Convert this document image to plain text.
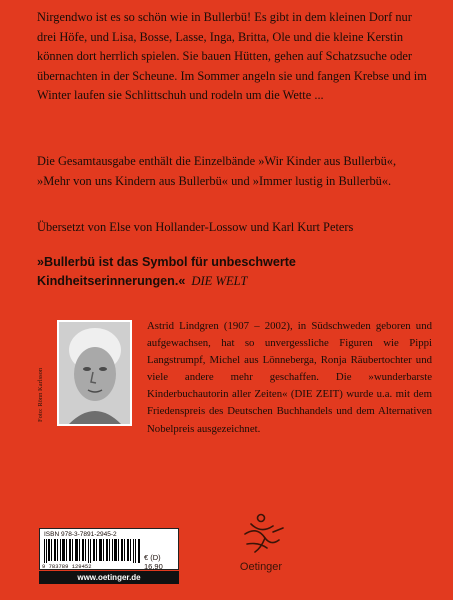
Nirgendwo ist es so schön wie in Bullerbü! Es gibt in dem kleinen Dorf nur drei Höfe, und Lisa, Bosse, Lasse, Inga, Britta, Ole und die kleine Kerstin können dort herrlich spielen. Sie bauen Hütten, gehen auf Schatzsuche oder übernachten in der Scheune. Im Sommer angeln sie und fangen Krebse und im Winter laufen sie Schlittschuh und rodeln um die Wette ...
Die Gesamtausgabe enthält die Einzelbände »Wir Kinder aus Bullerbü«, »Mehr von uns Kindern aus Bullerbü« und »Immer lustig in Bullerbü«.
Übersetzt von Else von Hollander-Lossow und Karl Kurt Peters
»Bullerbü ist das Symbol für unbeschwerte Kindheitserinnerungen.« DIE WELT
Foto: Rönn Karlsson
Astrid Lindgren (1907 – 2002), in Südschweden geboren und aufgewachsen, hat so unvergessliche Figuren wie Pippi Langstrumpf, Michel aus Lönneberga, Ronja Räubertochter und viele andere mehr geschaffen. Die »wunderbarste Kinderbuchautorin aller Zeiten« (DIE ZEIT) wurde u.a. mit dem Friedenspreis des Deutschen Buchhandels und dem Alternativen Nobelpreis ausgezeichnet.
ISBN 978-3-7891-2945-2
9 783789 129452
€ (D) 16,90
www.oetinger.de
Oetinger
